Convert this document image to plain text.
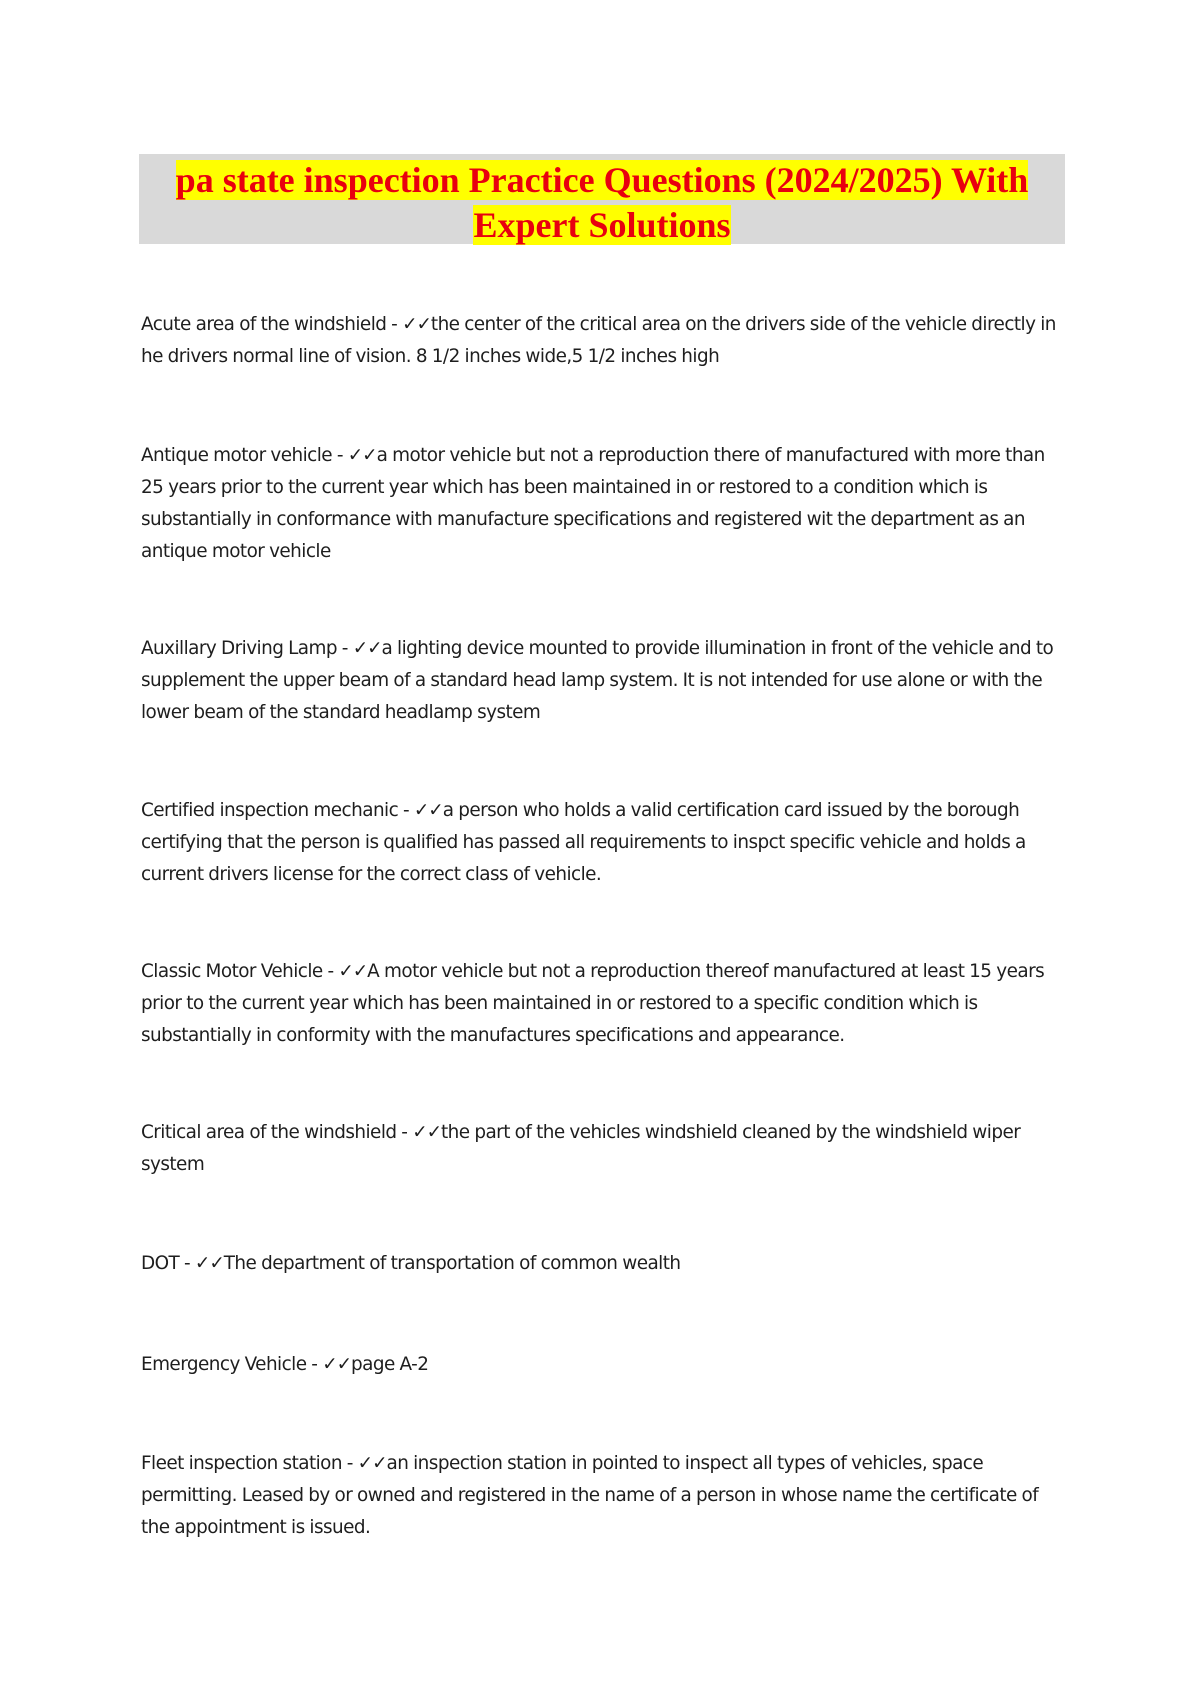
pa state inspection Practice Questions (2024/2025) With
Expert Solutions
Acute area of the windshield - ✓✓the center of the critical area on the drivers side of the vehicle directly in he drivers normal line of vision. 8 1/2 inches wide,5 1/2 inches high
Antique motor vehicle - ✓✓a motor vehicle but not a reproduction there of manufactured with more than 25 years prior to the current year which has been maintained in or restored to a condition which is substantially in conformance with manufacture specifications and registered wit the department as an antique motor vehicle
Auxillary Driving Lamp - ✓✓a lighting device mounted to provide illumination in front of the vehicle and to supplement the upper beam of a standard head lamp system. It is not intended for use alone or with the lower beam of the standard headlamp system
Certified inspection mechanic - ✓✓a person who holds a valid certification card issued by the borough certifying that the person is qualified has passed all requirements to inspct specific vehicle and holds a current drivers license for the correct class of vehicle.
Classic Motor Vehicle - ✓✓A motor vehicle but not a reproduction thereof manufactured at least 15 years prior to the current year which has been maintained in or restored to a specific condition which is substantially in conformity with the manufactures specifications and appearance.
Critical area of the windshield - ✓✓the part of the vehicles windshield cleaned by the windshield wiper system
DOT - ✓✓The department of transportation of common wealth
Emergency Vehicle - ✓✓page A-2
Fleet inspection station - ✓✓an inspection station in pointed to inspect all types of vehicles, space permitting. Leased by or owned and registered in the name of a person in whose name the certificate of the appointment is issued.
